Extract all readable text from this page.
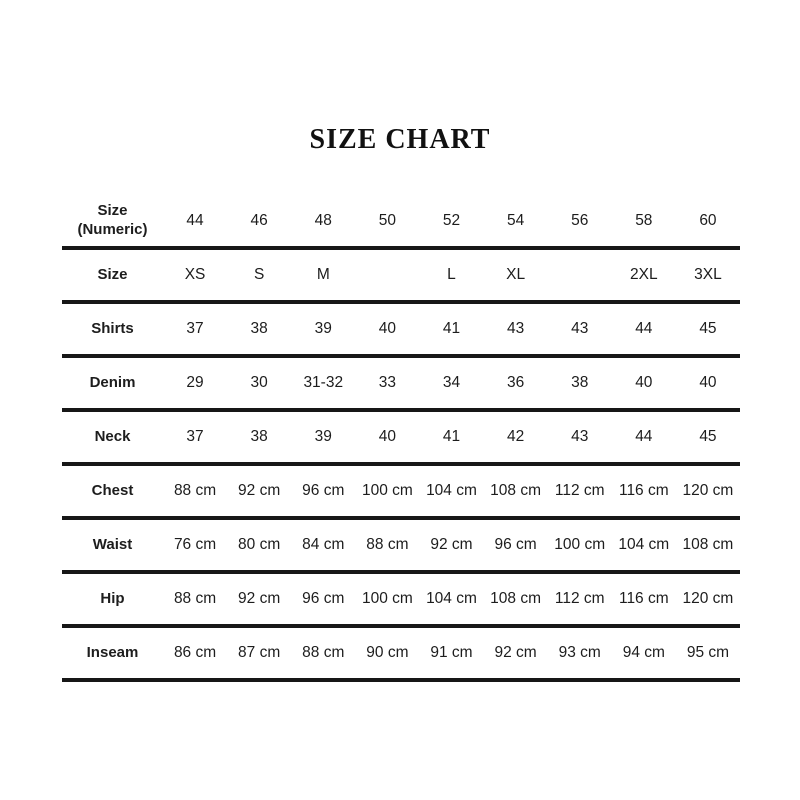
SIZE CHART
Size
(Numeric)	44	46	48	50	52	54	56	58	60
Size	XS	S	M		L	XL		2XL	3XL
Shirts	37	38	39	40	41	43	43	44	45
Denim	29	30	31-32	33	34	36	38	40	40
Neck	37	38	39	40	41	42	43	44	45
Chest	88 cm	92 cm	96 cm	100 cm	104 cm	108 cm	112 cm	116 cm	120 cm
Waist	76 cm	80 cm	84 cm	88 cm	92 cm	96 cm	100 cm	104 cm	108 cm
Hip	88 cm	92 cm	96 cm	100 cm	104 cm	108 cm	112 cm	116 cm	120 cm
Inseam	86 cm	87 cm	88 cm	90 cm	91 cm	92 cm	93 cm	94 cm	95 cm
